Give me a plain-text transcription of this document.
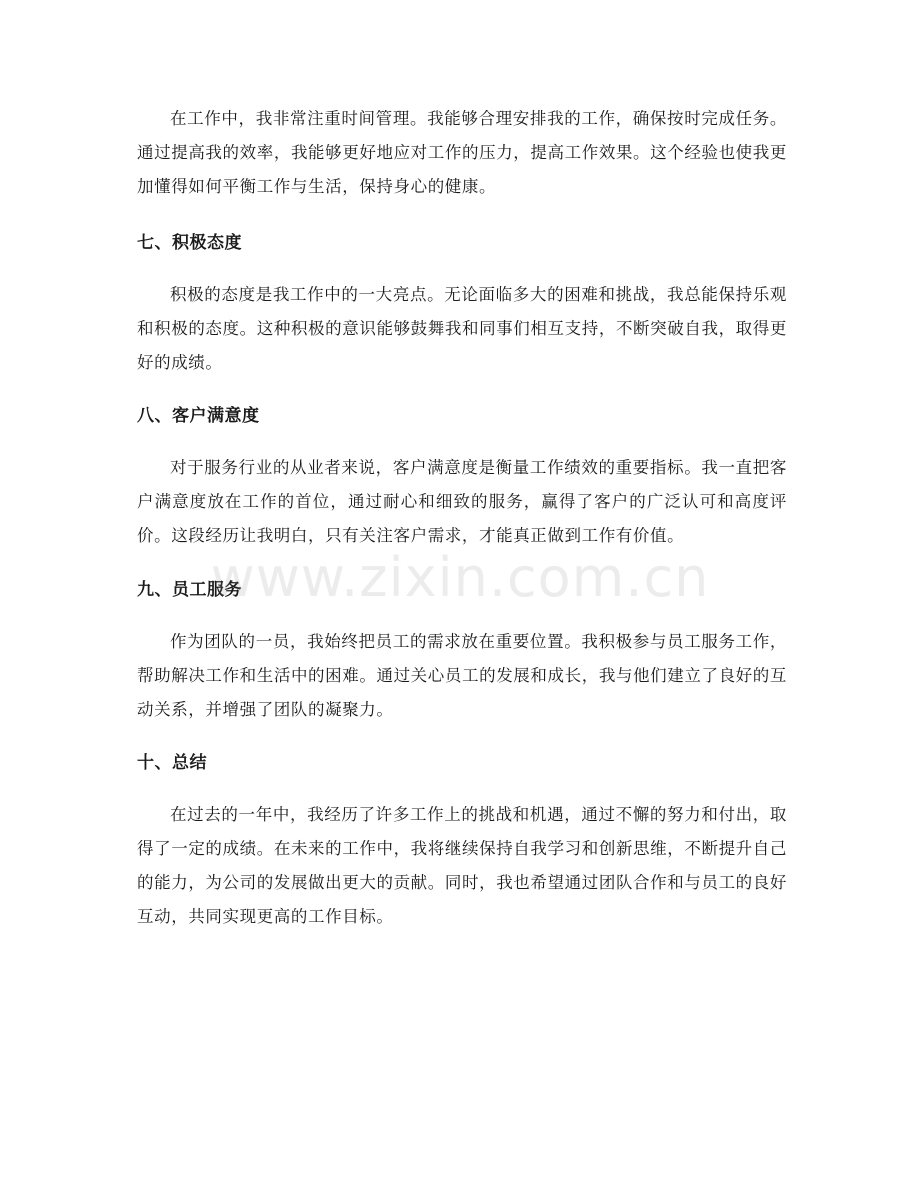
在工作中，我非常注重时间管理。我能够合理安排我的工作，确保按时完成任务。通过提高我的效率，我能够更好地应对工作的压力，提高工作效果。这个经验也使我更加懂得如何平衡工作与生活，保持身心的健康。

七、积极态度

积极的态度是我工作中的一大亮点。无论面临多大的困难和挑战，我总能保持乐观和积极的态度。这种积极的意识能够鼓舞我和同事们相互支持，不断突破自我，取得更好的成绩。

八、客户满意度

对于服务行业的从业者来说，客户满意度是衡量工作绩效的重要指标。我一直把客户满意度放在工作的首位，通过耐心和细致的服务，赢得了客户的广泛认可和高度评价。这段经历让我明白，只有关注客户需求，才能真正做到工作有价值。

九、员工服务

作为团队的一员，我始终把员工的需求放在重要位置。我积极参与员工服务工作，帮助解决工作和生活中的困难。通过关心员工的发展和成长，我与他们建立了良好的互动关系，并增强了团队的凝聚力。

十、总结

在过去的一年中，我经历了许多工作上的挑战和机遇，通过不懈的努力和付出，取得了一定的成绩。在未来的工作中，我将继续保持自我学习和创新思维，不断提升自己的能力，为公司的发展做出更大的贡献。同时，我也希望通过团队合作和与员工的良好互动，共同实现更高的工作目标。

www.zixin.com.cn
